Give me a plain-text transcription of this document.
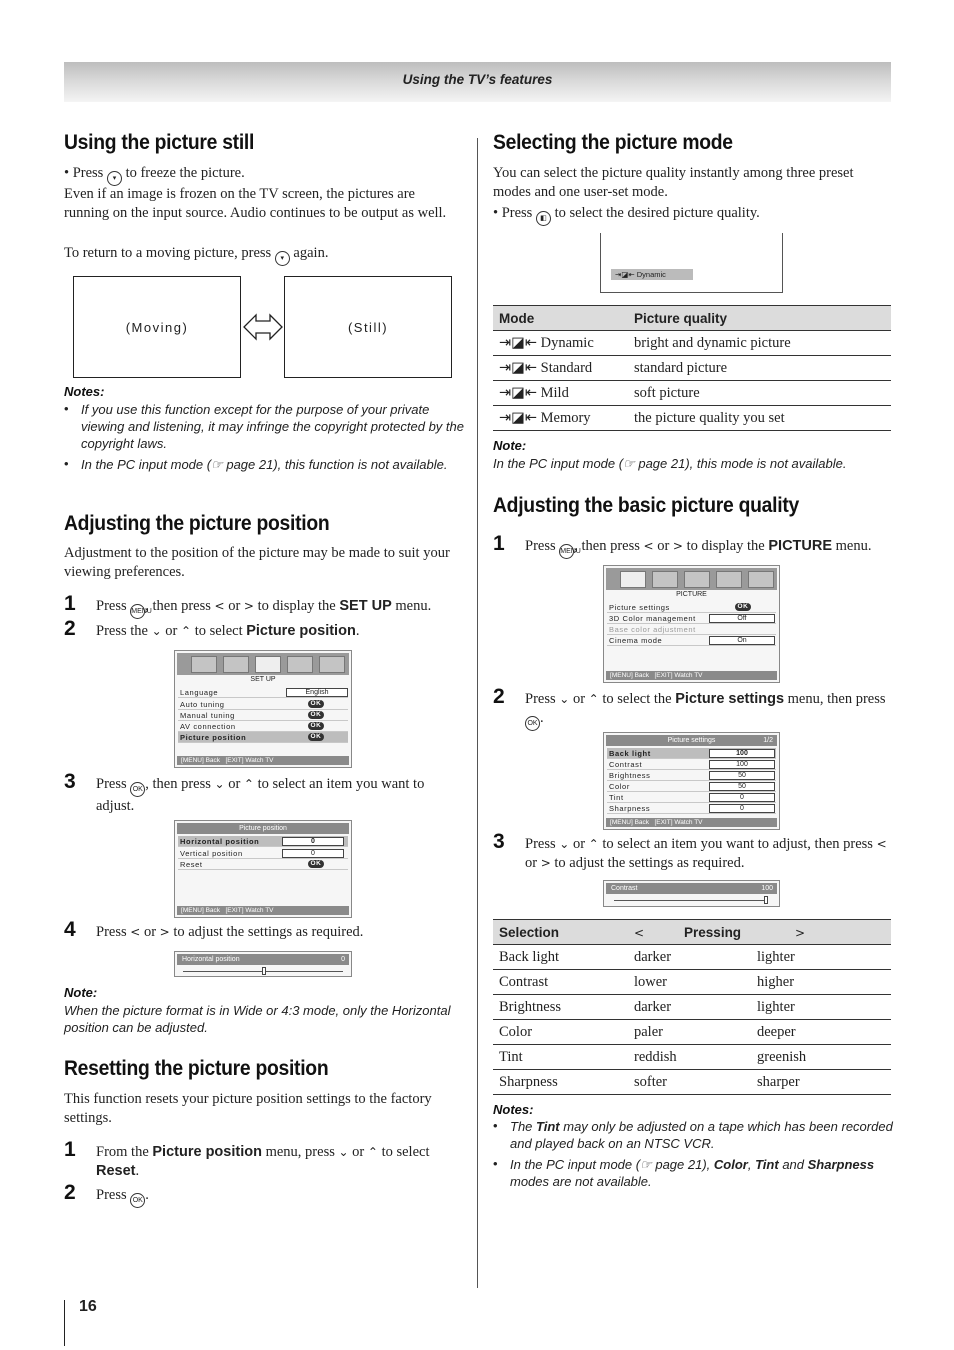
Using the TV’s features
Using the picture still
• Press ▾ to freeze the picture.
Even if an image is frozen on the TV screen, the pictures are running on the input source. Audio continues to be output as well.
To return to a moving picture, press ▾ again.
(Moving)	(Still)
Notes:
• If you use this function except for the purpose of your private viewing and listening, it may infringe the copyright protected by the copyright laws.
• In the PC input mode (☞ page 21), this function is not available.
Adjusting the picture position
Adjustment to the position of the picture may be made to suit your viewing preferences.
1 Press MENU, then press < or > to display the SET UP menu.
2 Press the ⌄ or ⌃ to select Picture position.
SET UP
Language	English
Auto tuning	OK
Manual tuning	OK
AV connection	OK
Picture position	OK
[MENU] Back   [EXIT] Watch TV
3 Press OK , then press ⌄ or ⌃ to select an item you want to adjust.
Picture position
Horizontal position	0
Vertical position	0
Reset	OK
[MENU] Back   [EXIT] Watch TV
4 Press < or > to adjust the settings as required.
Horizontal position	0
Note:
When the picture format is in Wide or 4:3 mode, only the Horizontal position can be adjusted.
Resetting the picture position
This function resets your picture position settings to the factory settings.
1 From the Picture position menu, press ⌄ or ⌃ to select Reset.
2 Press OK .
Selecting the picture mode
You can select the picture quality instantly among three preset modes and one user-set mode.
• Press ◧ to select the desired picture quality.
⇥◪⇤ Dynamic
Mode	Picture quality
⇥◪⇤ Dynamic	bright and dynamic picture
⇥◪⇤ Standard	standard picture
⇥◪⇤ Mild	soft picture
⇥◪⇤ Memory	the picture quality you set
Note:
In the PC input mode (☞ page 21), this mode is not available.
Adjusting the basic picture quality
1 Press MENU, then press < or > to display the PICTURE menu.
PICTURE
Picture settings	OK
3D Color management	Off
Base color adjustment
Cinema mode	On
[MENU] Back   [EXIT] Watch TV
2 Press ⌄ or ⌃ to select the Picture settings menu, then press OK .
Picture settings	1/2
Back light	100
Contrast	100
Brightness	50
Color	50
Tint	0
Sharpness	0
[MENU] Back   [EXIT] Watch TV
3 Press ⌄ or ⌃ to select an item you want to adjust, then press < or > to adjust the settings as required.
Contrast	100
Selection	< Pressing	>
Back light	darker	lighter
Contrast	lower	higher
Brightness	darker	lighter
Color	paler	deeper
Tint	reddish	greenish
Sharpness	softer	sharper
Notes:
• The Tint may only be adjusted on a tape which has been recorded and played back on an NTSC VCR.
• In the PC input mode (☞ page 21), Color, Tint and Sharpness modes are not available.
16
